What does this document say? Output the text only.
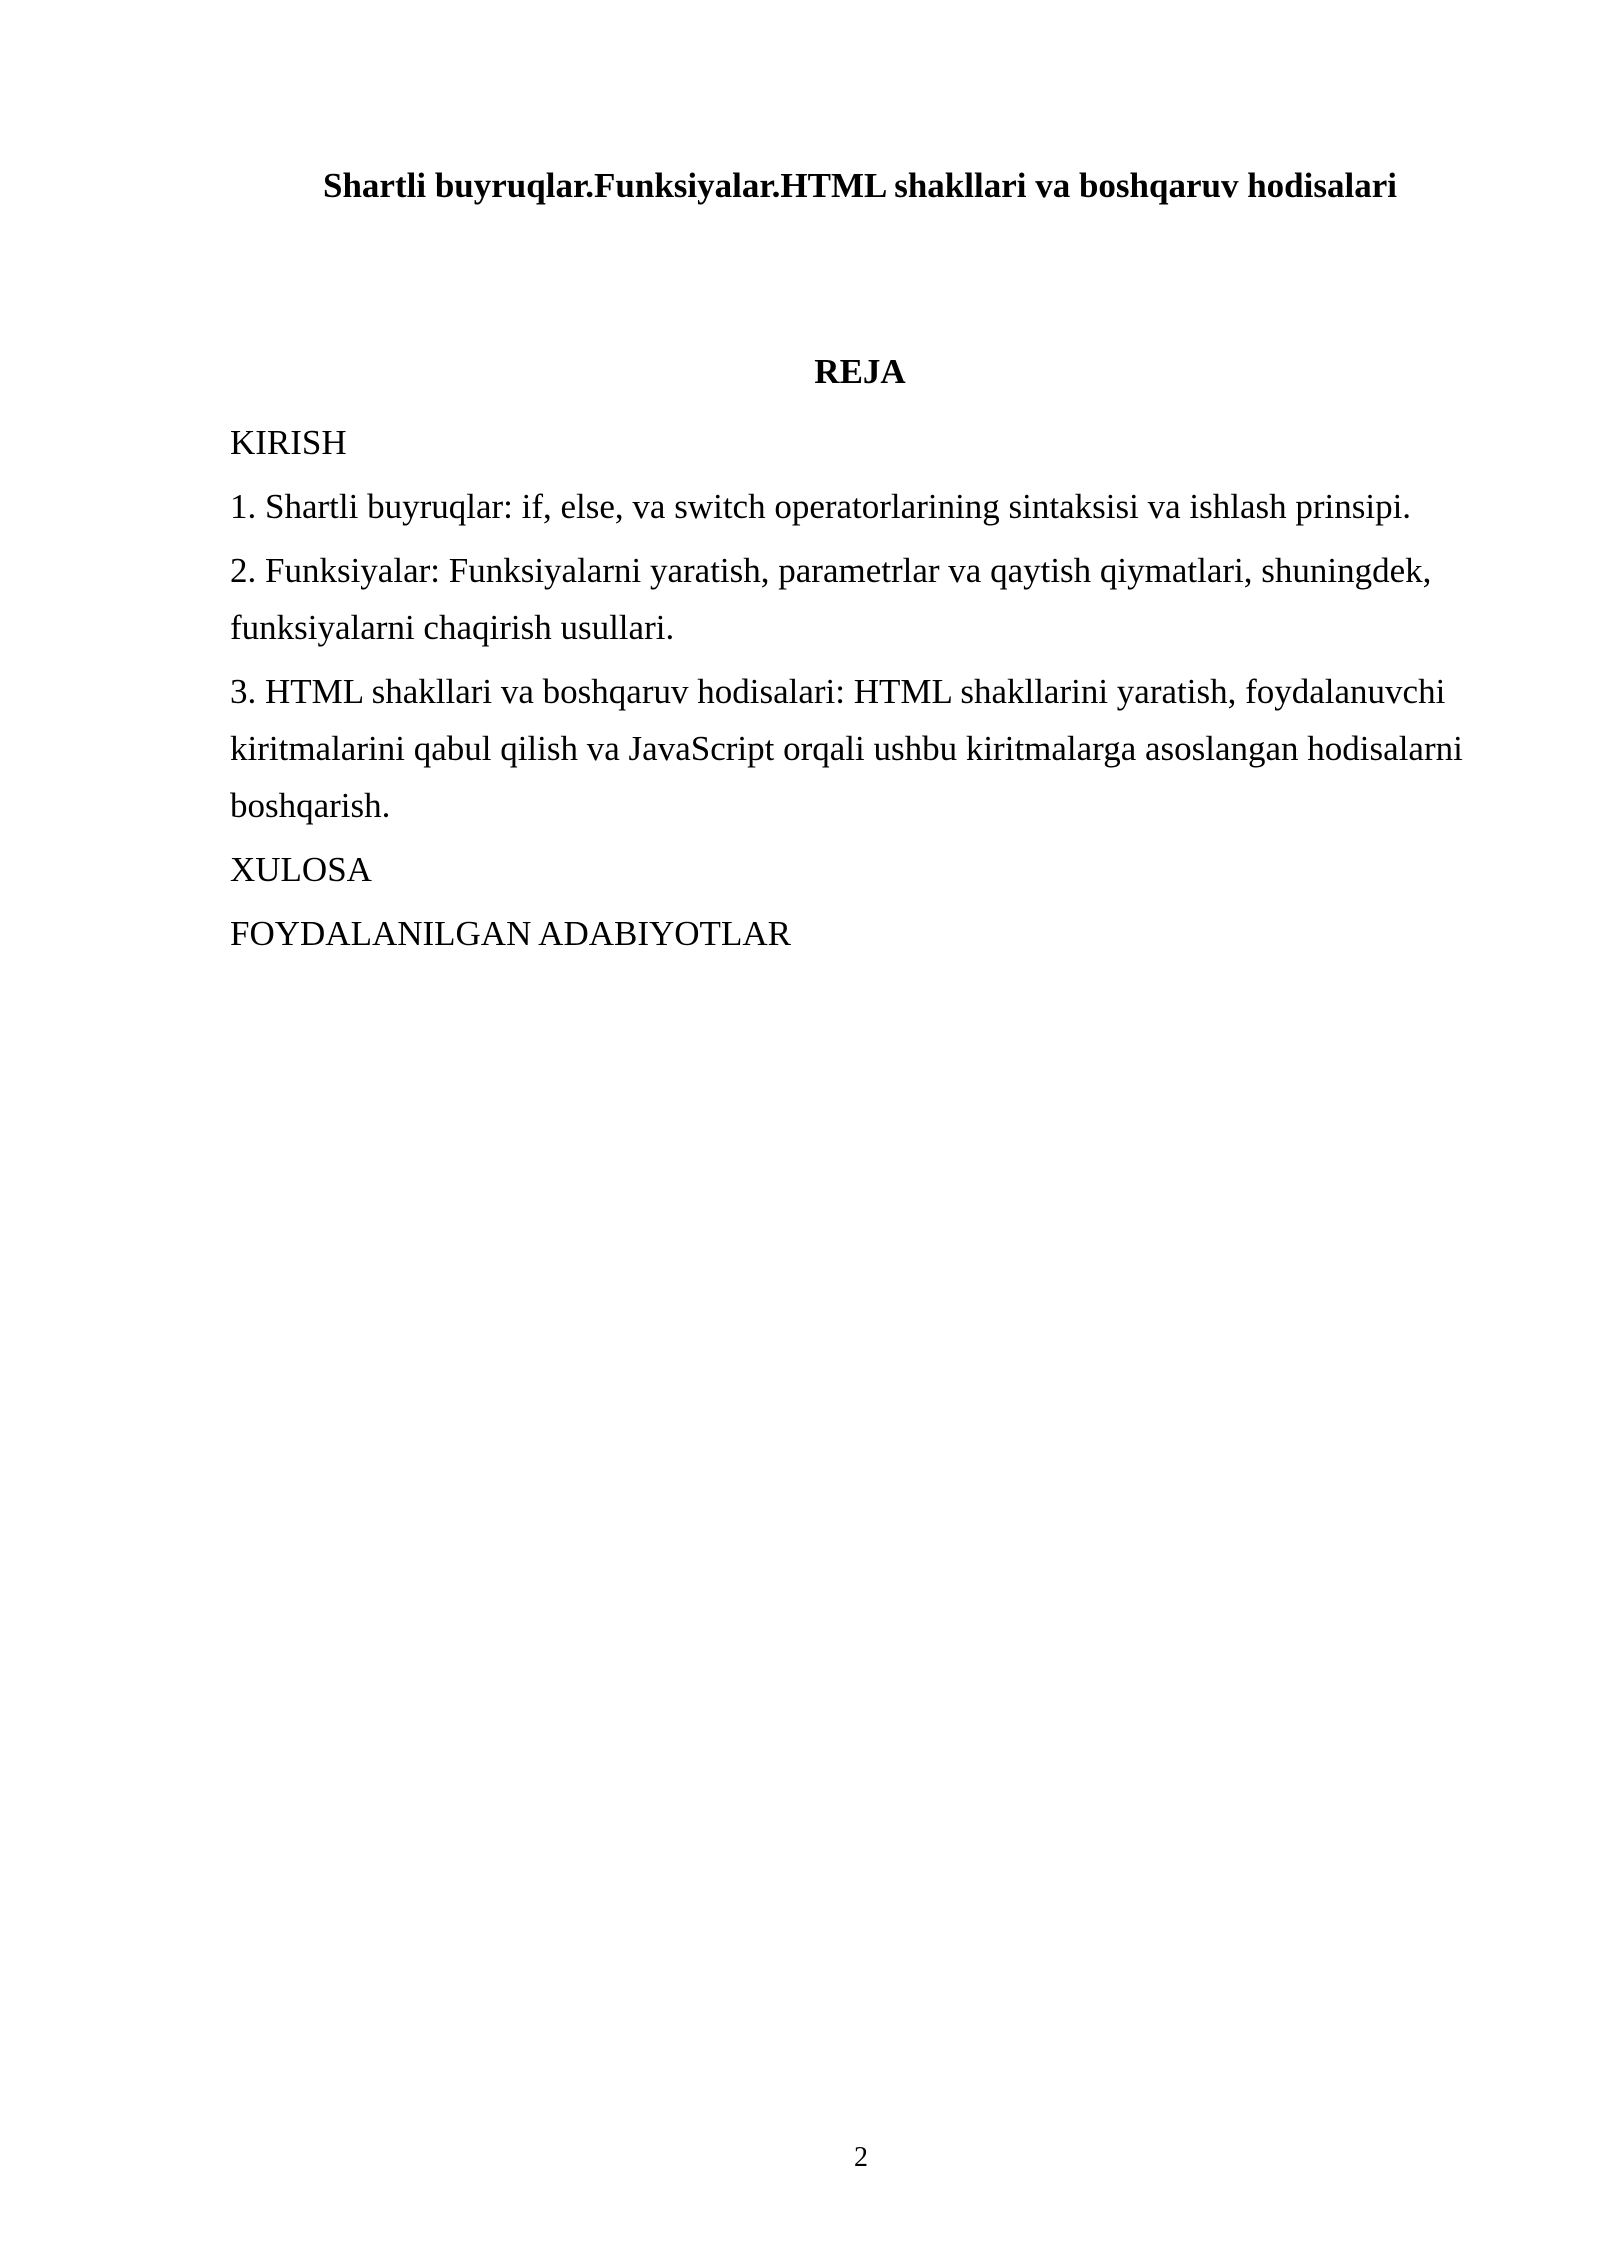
Shartli buyruqlar.Funksiyalar.HTML shakllari va boshqaruv hodisalari
REJA

KIRISH

1. Shartli buyruqlar: if, else, va switch operatorlarining sintaksisi va ishlash prinsipi.

2. Funksiyalar: Funksiyalarni yaratish, parametrlar va qaytish qiymatlari, shuningdek, funksiyalarni chaqirish usullari.

3. HTML shakllari va boshqaruv hodisalari: HTML shakllarini yaratish, foydalanuvchi kiritmalarini qabul qilish va JavaScript orqali ushbu kiritmalarga asoslangan hodisalarni boshqarish.

XULOSA

FOYDALANILGAN ADABIYOTLAR

2
